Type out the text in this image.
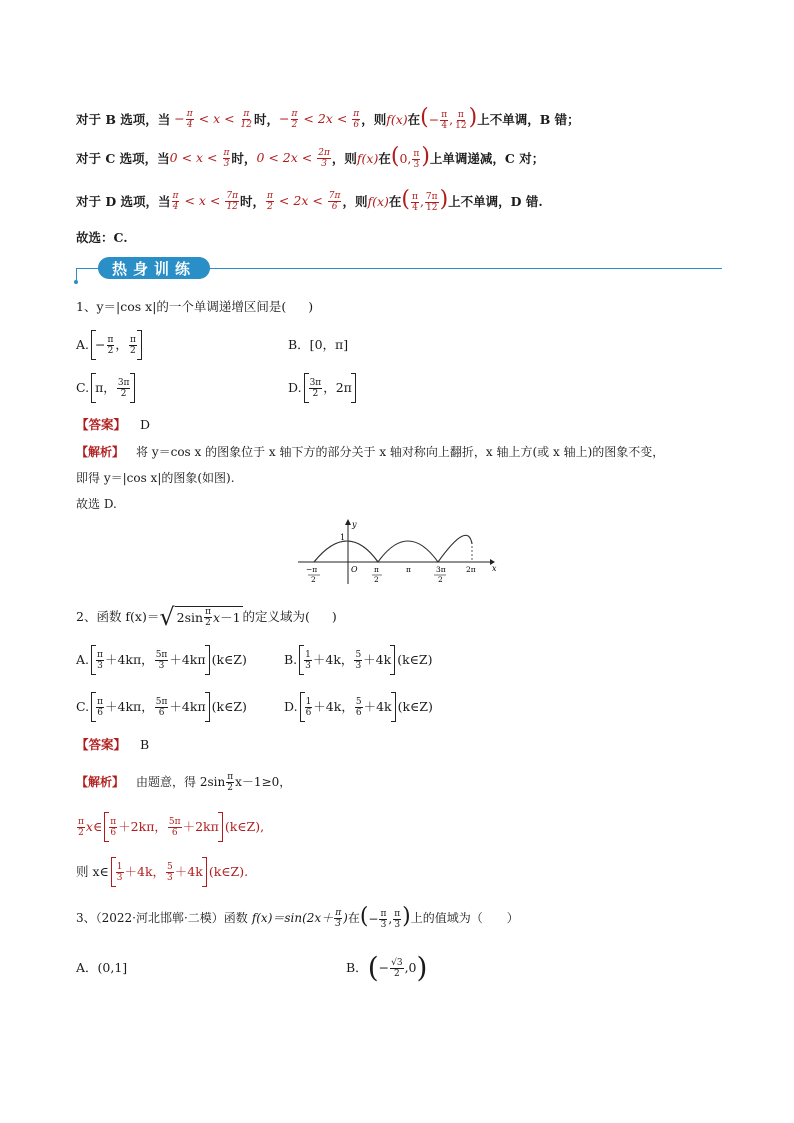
对于 B 选项，当 − $\frac{\pi}{4} < x < \frac{\pi}{12}$ 时， − $\frac{\pi}{2} < 2x < \frac{\pi}{6}$ ，则 f(x) 在 (− $\frac{\pi}{4}$ , $\frac{\pi}{12}$ ) 上不单调，B 错；
对于 C 选项，当 $0 < x < \frac{\pi}{3}$ 时， $0 < 2x < \frac{2\pi}{3}$ ，则 f(x) 在 (0, $\frac{\pi}{3}$ ) 上单调递减，C 对；
对于 D 选项，当 $\frac{\pi}{4} < x < \frac{7\pi}{12}$ 时， $\frac{\pi}{2} < 2x < \frac{7\pi}{6}$ ，则 f(x) 在 ( $\frac{\pi}{4}$ , $\frac{7\pi}{12}$ ) 上不单调，D 错.
故选：C.
热身训练
1、y＝|cos x|的一个单调递增区间是( )
A. − $\frac{\pi}{2}$ ， $\frac{\pi}{2}$	B．[0，π]
C. π， $\frac{3\pi}{2}$	D. $\frac{3\pi}{2}$ ，2π
【答案】 D
【解析】 将 y＝cos x 的图象位于 x 轴下方的部分关于 x 轴对称向上翻折，x 轴上方(或 x 轴上)的图象不变，
即得 y＝|cos x|的图象(如图).
故选 D.
y
1
O	x
−π
2
π
2
π	3π
2
2π
2、函数 f(x)＝ √ $2\sin \frac{\pi}{2}$ x －1 的定义域为( )
A. $\frac{\pi}{3} +4k\pi$， $\frac{5\pi}{3} +4k\pi$ (k∈Z)	B. $\frac{1}{3} +4k$， $\frac{5}{3} +4k$ (k∈Z)
C. $\frac{\pi}{6} +4k\pi$， $\frac{5\pi}{6} +4k\pi$ (k∈Z)	D. $\frac{1}{6} +4k$， $\frac{5}{6} +4k$ (k∈Z)
【答案】 B
【解析】 由题意，得 $2\sin \frac{\pi}{2} x-1\ge 0$，
$\frac{\pi}{2}$ x ∈ $\frac{\pi}{6} +2k\pi$， $\frac{5\pi}{6} +2k\pi$ (k∈Z) ,
则 x∈ $\frac{1}{3} +4k$， $\frac{5}{3} +4k$ (k∈Z).
3、（2022·河北邯郸·二模）函数 $f(x)=\sin(2x+ \frac{\pi}{3}$ ) 在 (− $\frac{\pi}{3}$ , $\frac{\pi}{3}$ ) 上的值域为（　　）
A．(0,1]	B． ( − $\frac{√3}{2} ,0$ )
